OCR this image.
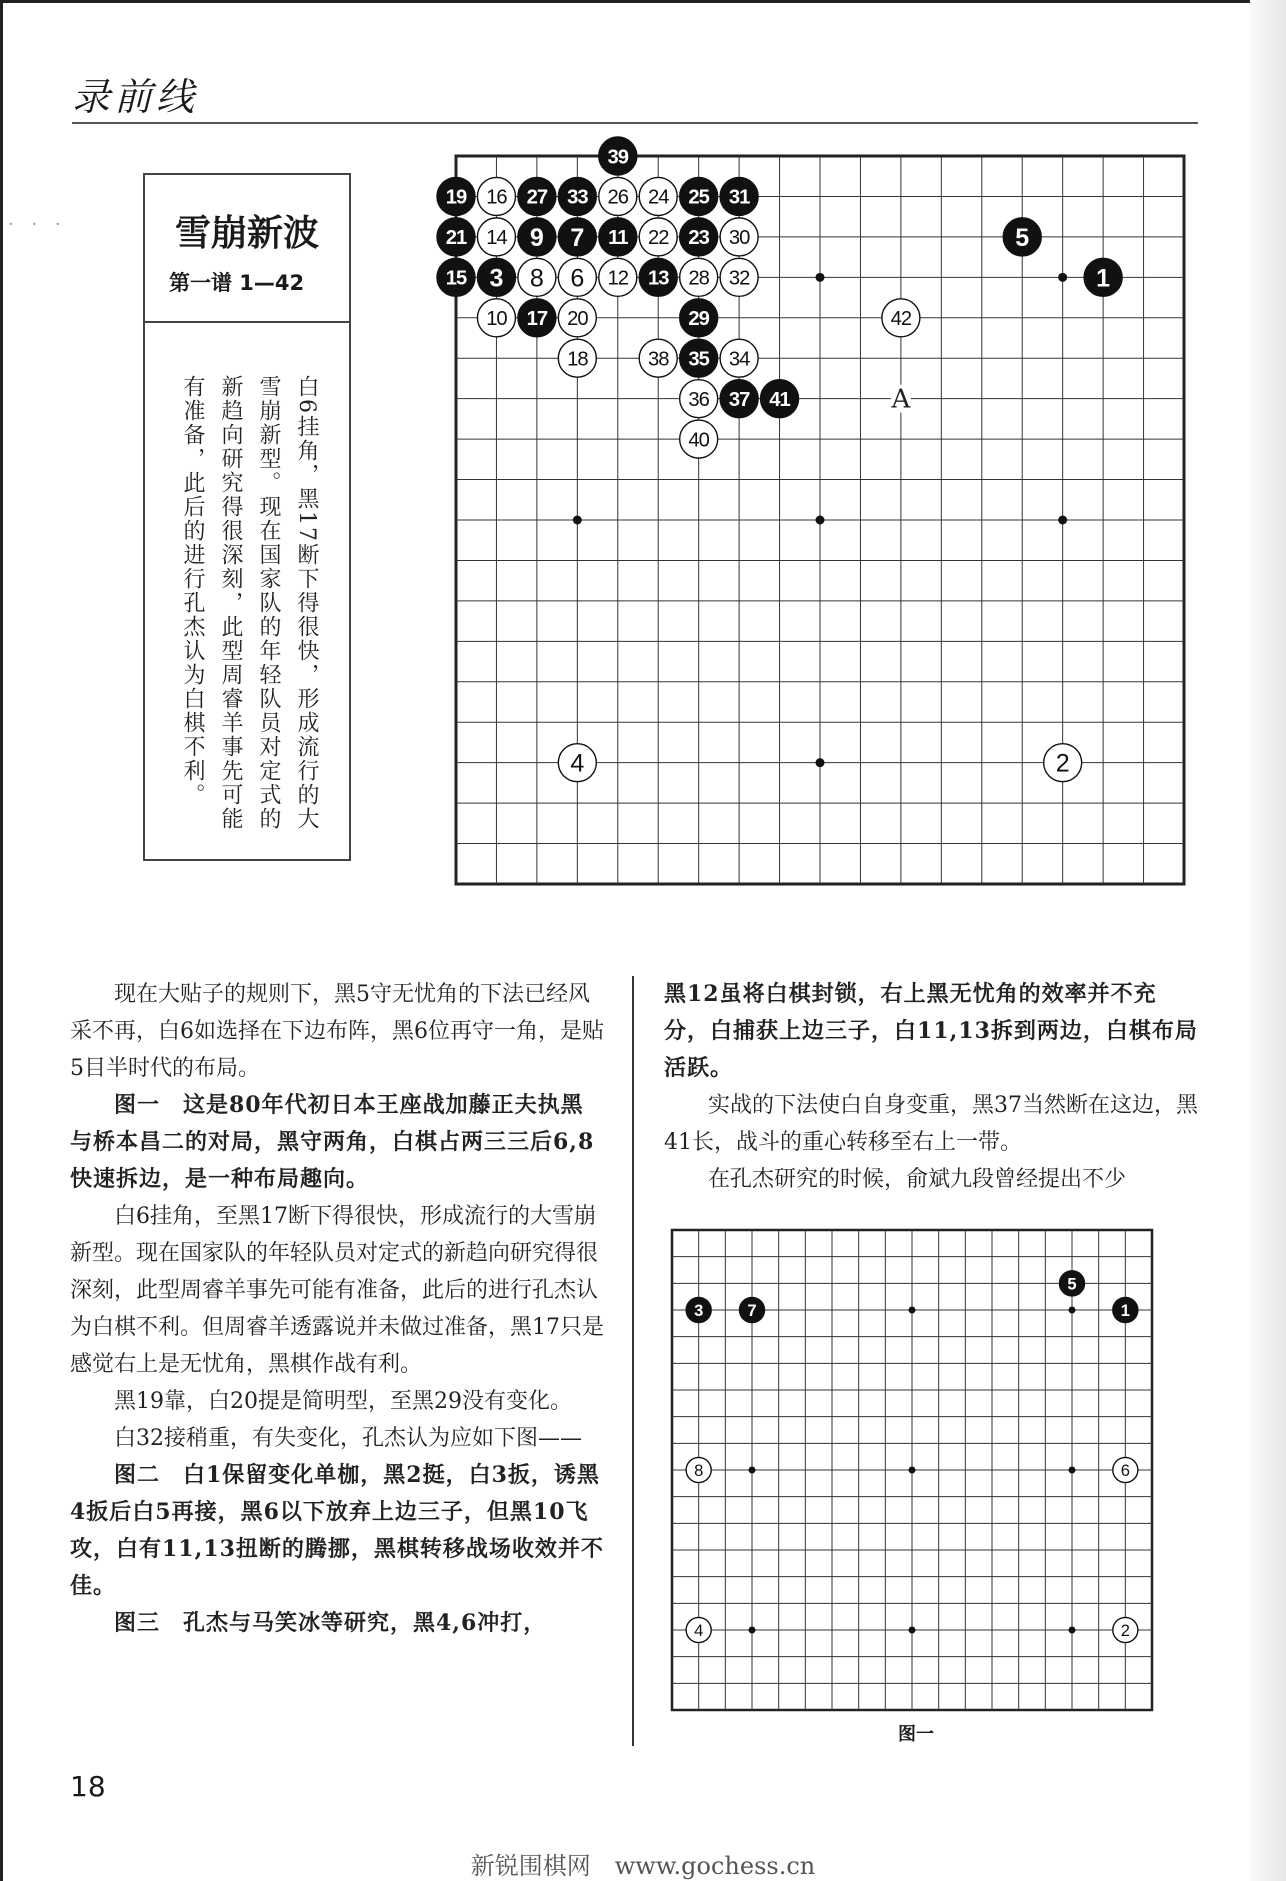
· · ·
录前线
雪崩新波
第一谱 1—42
白6挂角，黑17断下得很快，形成流行的大雪崩新型。现在国家队的年轻队员对定式的新趋向研究得很深刻，此型周睿羊事先可能有准备，此后的进行孔杰认为白棋不利。
19 16 27 33 26 24 25 31
39
21 14 9 7 11 22 23 30	5
15 3 8 6 12 13 28 32	1
10 17 20	29	42
18	38 35 34
36 37 41
40
4	2
A
3	7
5
1
8	6
4	2
图一

现在大贴子的规则下，黑5守无忧角的下法已经风采不再，白6如选择在下边布阵，黑6位再守一角，是贴5目半时代的布局。

图一　这是80年代初日本王座战加藤正夫执黑与桥本昌二的对局，黑守两角，白棋占两三三后6,8快速拆边，是一种布局趣向。

白6挂角，至黑17断下得很快，形成流行的大雪崩新型。现在国家队的年轻队员对定式的新趋向研究得很深刻，此型周睿羊事先可能有准备，此后的进行孔杰认为白棋不利。但周睿羊透露说并未做过准备，黑17只是感觉右上是无忧角，黑棋作战有利。

黑19靠，白20提是简明型，至黑29没有变化。

白32接稍重，有失变化，孔杰认为应如下图——

图二　白1保留变化单枷，黑2挺，白3扳，诱黑4扳后白5再接，黑6以下放弃上边三子，但黑10飞攻，白有11,13扭断的腾挪，黑棋转移战场收效并不佳。

图三　孔杰与马笑冰等研究，黑4,6冲打，

黑12虽将白棋封锁，右上黑无忧角的效率并不充分，白捕获上边三子，白11,13拆到两边，白棋布局活跃。

实战的下法使白自身变重，黑37当然断在这边，黑41长，战斗的重心转移至右上一带。

在孔杰研究的时候，俞斌九段曾经提出不少

18
新锐围棋网　www.gochess.cn
